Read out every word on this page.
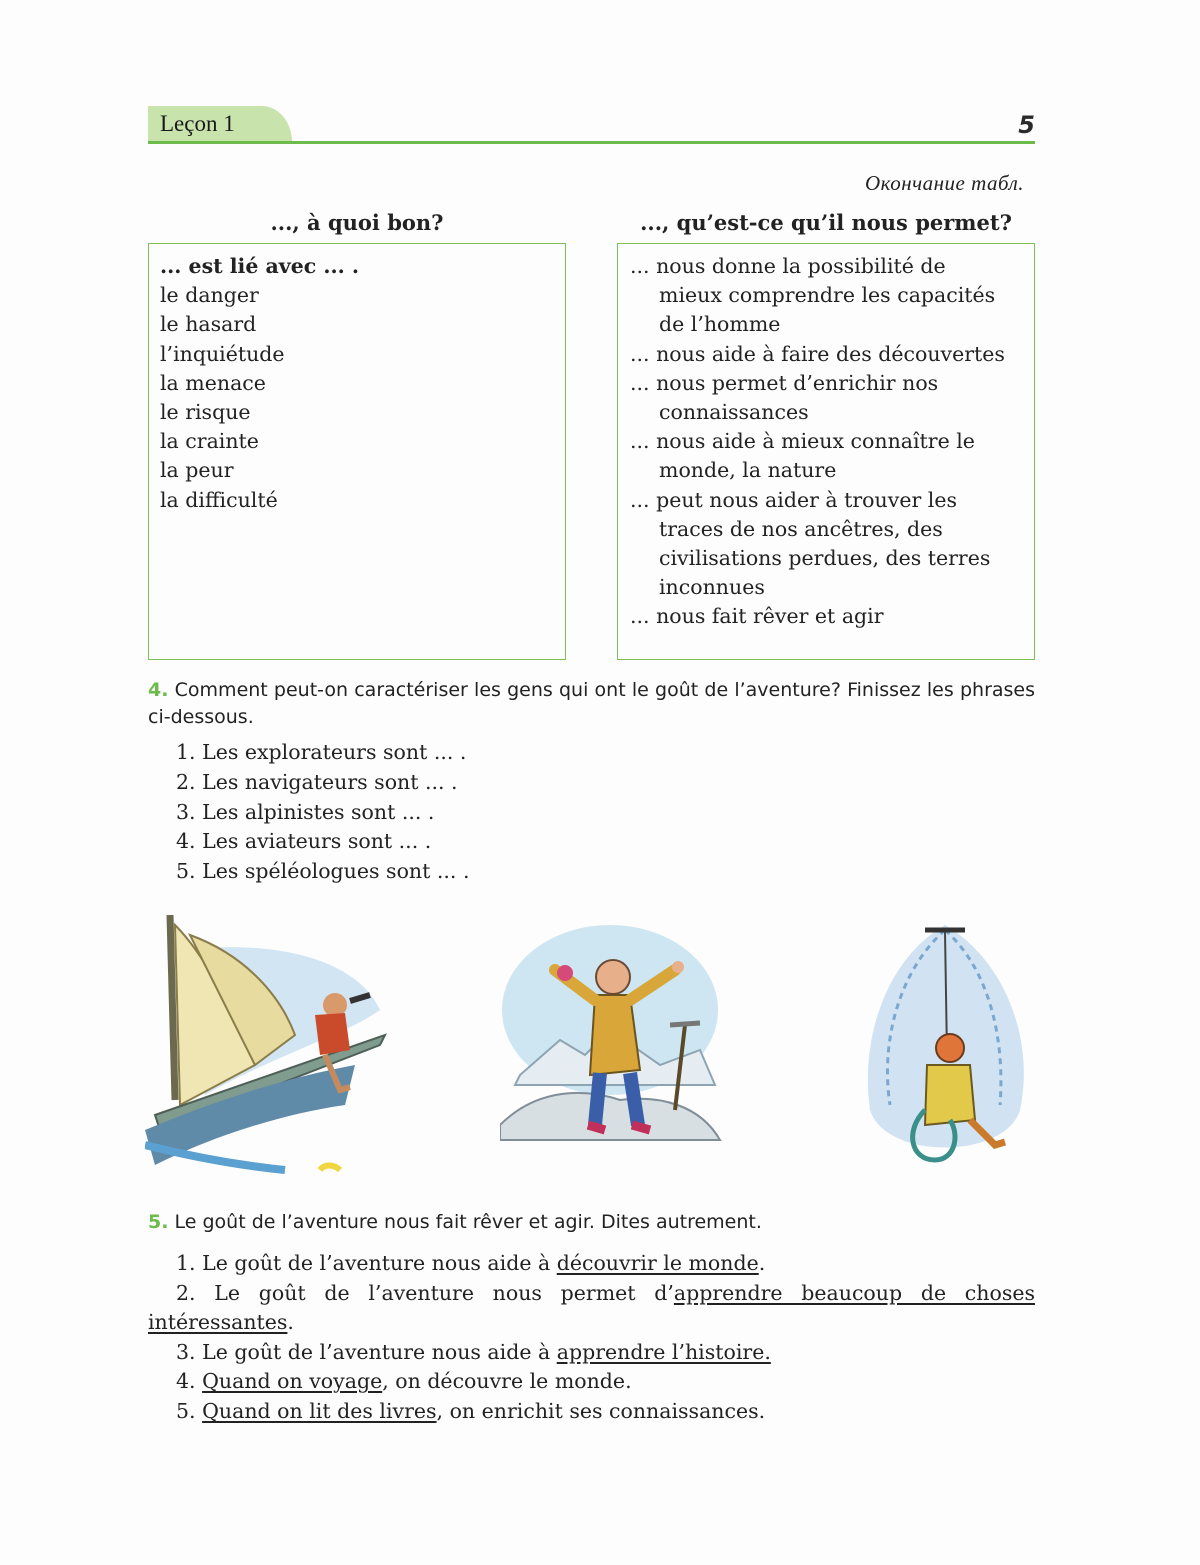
Leçon 1	5
Окончание табл.
..., à quoi bon?	..., qu’est-ce qu’il nous permet?
... est lié avec ... .
le danger
le hasard
l’inquiétude
la menace
le risque
la crainte
la peur
la difficulté
... nous donne la possibilité de mieux comprendre les capacités de l’homme
... nous aide à faire des découvertes
... nous permet d’enrichir nos connaissances
... nous aide à mieux connaître le monde, la nature
... peut nous aider à trouver les traces de nos ancêtres, des civilisations perdues, des terres inconnues
... nous fait rêver et agir
4. Comment peut-on caractériser les gens qui ont le goût de l’aventure? Finissez les phrases ci-dessous.
1. Les explorateurs sont ... .
2. Les navigateurs sont ... .
3. Les alpinistes sont ... .
4. Les aviateurs sont ... .
5. Les spéléologues sont ... .
5. Le goût de l’aventure nous fait rêver et agir. Dites autrement.
1. Le goût de l’aventure nous aide à découvrir le monde.
2. Le goût de l’aventure nous permet d’apprendre beaucoup de choses intéressantes.
3. Le goût de l’aventure nous aide à apprendre l’histoire.
4. Quand on voyage, on découvre le monde.
5. Quand on lit des livres, on enrichit ses connaissances.
